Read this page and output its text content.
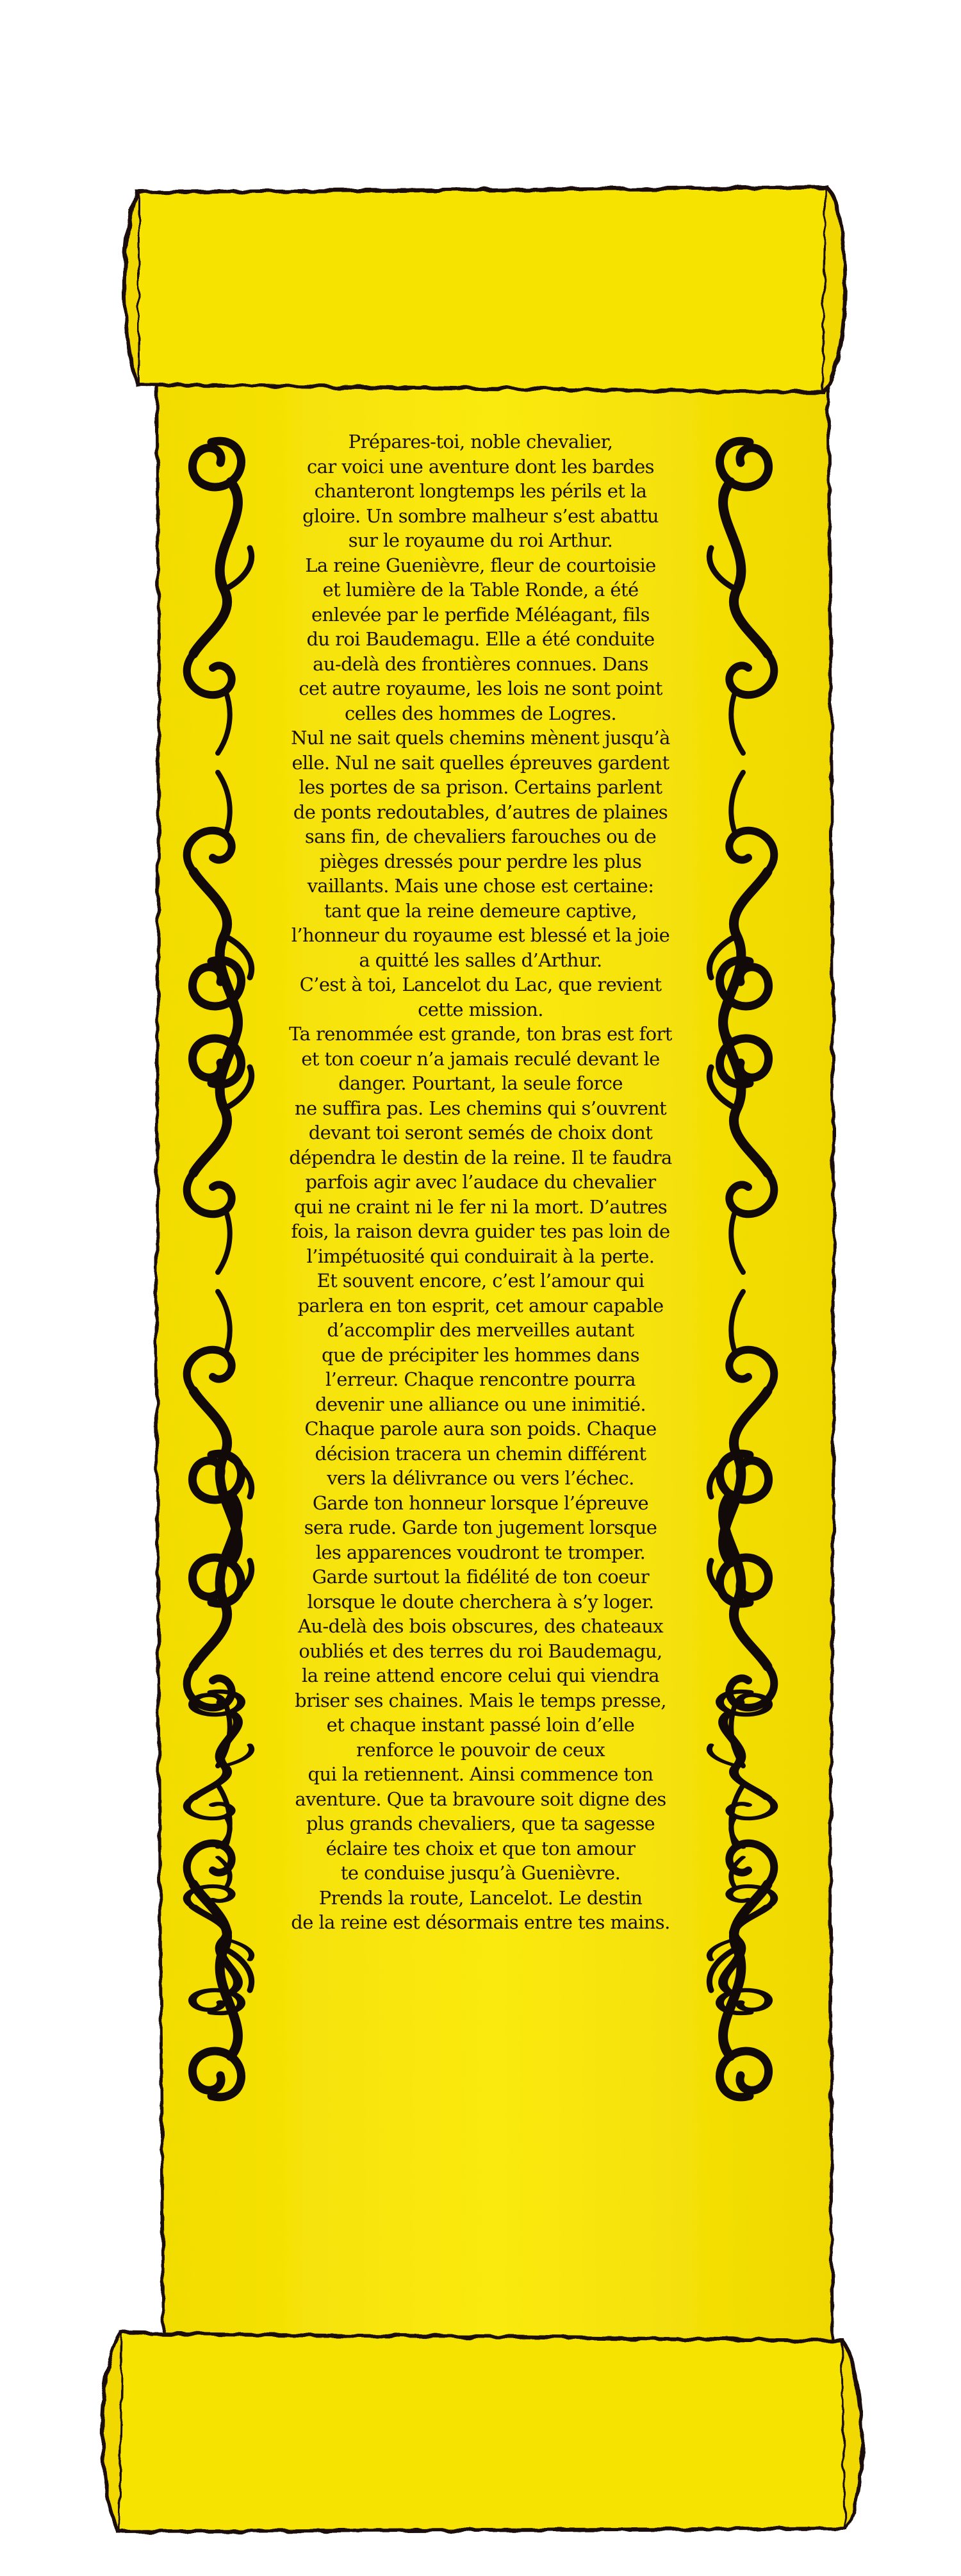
Prépares-toi, noble chevalier,
car voici une aventure dont les bardes
chanteront longtemps les périls et la
gloire. Un sombre malheur s’est abattu
sur le royaume du roi Arthur.
La reine Guenièvre, fleur de courtoisie
et lumière de la Table Ronde, a été
enlevée par le perfide Méléagant, fils
du roi Baudemagu. Elle a été conduite
au-delà des frontières connues. Dans
cet autre royaume, les lois ne sont point
celles des hommes de Logres.
Nul ne sait quels chemins mènent jusqu’à
elle. Nul ne sait quelles épreuves gardent
les portes de sa prison. Certains parlent
de ponts redoutables, d’autres de plaines
sans fin, de chevaliers farouches ou de
pièges dressés pour perdre les plus
vaillants. Mais une chose est certaine:
tant que la reine demeure captive,
l’honneur du royaume est blessé et la joie
a quitté les salles d’Arthur.
C’est à toi, Lancelot du Lac, que revient
cette mission.
Ta renommée est grande, ton bras est fort
et ton coeur n’a jamais reculé devant le
danger. Pourtant, la seule force
ne suffira pas. Les chemins qui s’ouvrent
devant toi seront semés de choix dont
dépendra le destin de la reine. Il te faudra
parfois agir avec l’audace du chevalier
qui ne craint ni le fer ni la mort. D’autres
fois, la raison devra guider tes pas loin de
l’impétuosité qui conduirait à la perte.
Et souvent encore, c’est l’amour qui
parlera en ton esprit, cet amour capable
d’accomplir des merveilles autant
que de précipiter les hommes dans
l’erreur. Chaque rencontre pourra
devenir une alliance ou une inimitié.
Chaque parole aura son poids. Chaque
décision tracera un chemin différent
vers la délivrance ou vers l’échec.
Garde ton honneur lorsque l’épreuve
sera rude. Garde ton jugement lorsque
les apparences voudront te tromper.
Garde surtout la fidélité de ton coeur
lorsque le doute cherchera à s’y loger.
Au-delà des bois obscures, des chateaux
oubliés et des terres du roi Baudemagu,
la reine attend encore celui qui viendra
briser ses chaines. Mais le temps presse,
et chaque instant passé loin d’elle
renforce le pouvoir de ceux
qui la retiennent. Ainsi commence ton
aventure. Que ta bravoure soit digne des
plus grands chevaliers, que ta sagesse
éclaire tes choix et que ton amour
te conduise jusqu’à Guenièvre.
Prends la route, Lancelot. Le destin
de la reine est désormais entre tes mains.
